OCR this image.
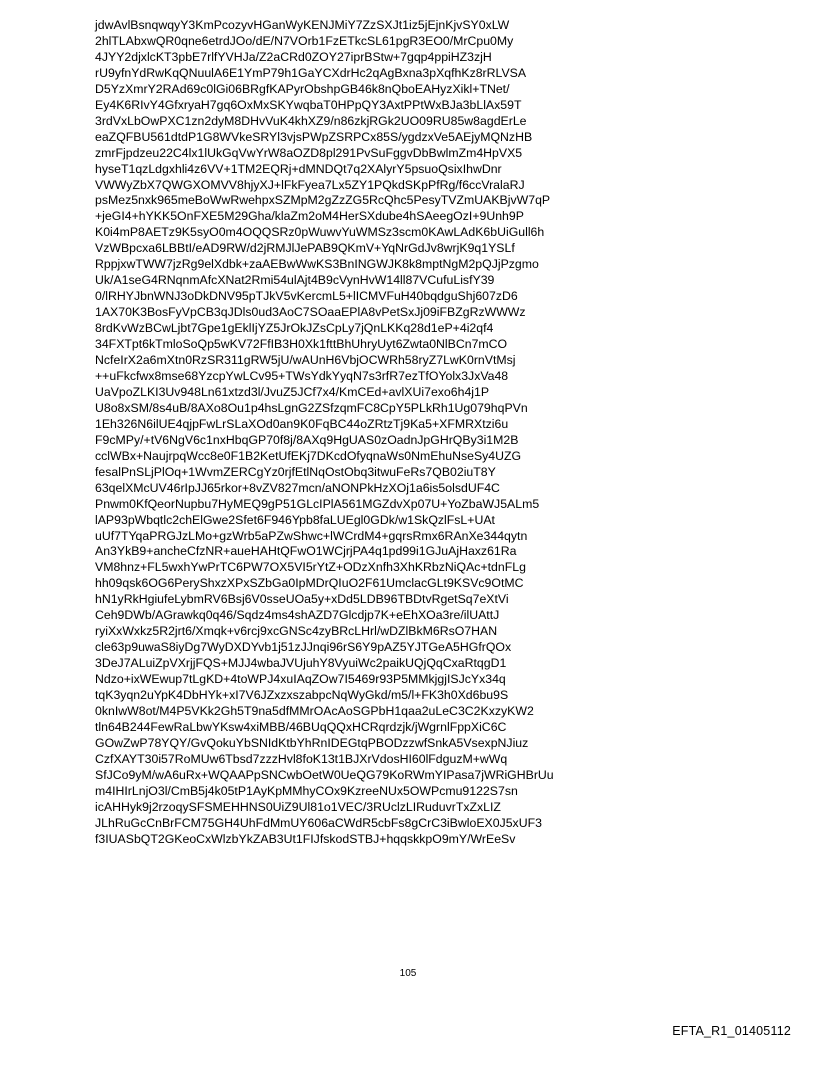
jdwAvlBsnqwqyY3KmPcozyvHGanWyKENJMiY7ZzSXJt1iz5jEjnKjvSY0xLW
2hlTLAbxwQR0qne6etrdJOo/dE/N7VOrb1FzETkcSL61pgR3EO0/MrCpu0My
4JYY2djxlcKT3pbE7rlfYVHJa/Z2aCRd0ZOY27iprBStw+7gqp4ppiHZ3zjH
rU9yfnYdRwKqQNuulA6E1YmP79h1GaYCXdrHc2qAgBxna3pXqfhKz8rRLVSA
D5YzXmrY2RAd69c0lGi06BRgfKAPyrObshpGB46k8nQboEAHyzXikl+TNet/
Ey4K6RIvY4GfxryaH7gq6OxMxSKYwqbaT0HPpQY3AxtPPtWxBJa3bLlAx59T
3rdVxLbOwPXC1zn2dyM8DHvVuK4khXZ9/n86zkjRGk2UO09RU85w8agdErLe
eaZQFBU561dtdP1G8WVkeSRYl3vjsPWpZSRPCx85S/ygdzxVe5AEjyMQNzHB
zmrFjpdzeu22C4lx1lUkGqVwYrW8aOZD8pl291PvSuFggvDbBwlmZm4HpVX5
hyseT1qzLdgxhli4z6VV+1TM2EQRj+dMNDQt7q2XAlyrY5psuoQsixIhwDnr
VWWyZbX7QWGXOMVV8hjyXJ+lFkFyea7Lx5ZY1PQkdSKpPfRg/f6ccVralaRJ
psMez5nxk965meBoWwRwehpxSZMpM2gZzZG5RcQhc5PesyTVZmUAKBjvW7qP
+jeGI4+hYKK5OnFXE5M29Gha/klaZm2oM4HerSXdube4hSAeegOzI+9Unh9P
K0i4mP8AETz9K5syO0m4OQQSRz0pWuwvYuWMSz3scm0KAwLAdK6bUiGull6h
VzWBpcxa6LBBtI/eAD9RW/d2jRMJlJePAB9QKmV+YqNrGdJv8wrjK9q1YSLf
RppjxwTWW7jzRg9elXdbk+zaAEBwWwKS3BnINGWJK8k8mptNgM2pQJjPzgmo
Uk/A1seG4RNqnmAfcXNat2Rmi54ulAjt4B9cVynHvW14ll87VCufuLisfY39
0/lRHYJbnWNJ3oDkDNV95pTJkV5vKercmL5+lICMVFuH40bqdguShj607zD6
1AX70K3BosFyVpCB3qJDls0ud3AoC7SOaaEPlA8vPetSxJj09iFBZgRzWWWz
8rdKvWzBCwLjbt7Gpe1gEklIjYZ5JrOkJZsCpLy7jQnLKKq28d1eP+4i2qf4
34FXTpt6kTmloSoQp5wKV72FfIB3H0Xk1fttBhUhryUyt6Zwta0NlBCn7mCO
NcfeIrX2a6mXtn0RzSR311gRW5jU/wAUnH6VbjOCWRh58ryZ7LwK0rnVtMsj
++uFkcfwx8mse68YzcpYwLCv95+TWsYdkYyqN7s3rfR7ezTfOYolx3JxVa48
UaVpoZLKI3Uv948Ln61xtzd3l/JvuZ5JCf7x4/KmCEd+avlXUi7exo6h4j1P
U8o8xSM/8s4uB/8AXo8Ou1p4hsLgnG2ZSfzqmFC8CpY5PLkRh1Ug079hqPVn
1Eh326N6ilUE4qjpFwLrSLaXOd0an9K0FqBC44oZRtzTj9Ka5+XFMRXtzi6u
F9cMPy/+tV6NgV6c1nxHbqGP70f8j/8AXq9HgUAS0zOadnJpGHrQBy3i1M2B
cclWBx+NaujrpqWcc8e0F1B2KetUfEKj7DKcdOfyqnaWs0NmEhuNseSy4UZG
fesalPnSLjPlOq+1WvmZERCgYz0rjfEtlNqOstObq3itwuFeRs7QB02iuT8Y
63qelXMcUV46rIpJJ65rkor+8vZV827mcn/aNONPkHzXOj1a6is5olsdUF4C
Pnwm0KfQeorNupbu7HyMEQ9gP51GLcIPlA561MGZdvXp07U+YoZbaWJ5ALm5
lAP93pWbqtlc2chElGwe2Sfet6F946Ypb8faLUEgl0GDk/w1SkQzlFsL+UAt
uUf7TYqaPRGJzLMo+gzWrb5aPZwShwc+lWCrdM4+gqrsRmx6RAnXe344qytn
An3YkB9+ancheCfzNR+aueHAHtQFwO1WCjrjPA4q1pd99i1GJuAjHaxz61Ra
VM8hnz+FL5wxhYwPrTC6PW7OX5VI5rYtZ+ODzXnfh3XhKRbzNiQAc+tdnFLg
hh09qsk6OG6PeryShxzXPxSZbGa0IpMDrQIuO2F61UmclacGLt9KSVc9OtMC
hN1yRkHgiufeLybmRV6Bsj6V0sseUOa5y+xDd5LDB96TBDtvRgetSq7eXtVi
Ceh9DWb/AGrawkq0q46/Sqdz4ms4shAZD7Glcdjp7K+eEhXOa3re/ilUAttJ
ryiXxWxkz5R2jrt6/Xmqk+v6rcj9xcGNSc4zyBRcLHrl/wDZlBkM6RsO7HAN
cle63p9uwaS8iyDg7WyDXDYvb1j51zJJnqi96rS6Y9pAZ5YJTGeA5HGfrQOx
3DeJ7ALuiZpVXrjjFQS+MJJ4wbaJVUjuhY8VyuiWc2paikUQjQqCxaRtqgD1
Ndzo+ixWEwup7tLgKD+4toWPJ4xuIAqZOw7I5469r93P5MMkjgjISJcYx34q
tqK3yqn2uYpK4DbHYk+xI7V6JZxzxszabpcNqWyGkd/m5/l+FK3h0Xd6bu9S
0knIwW8ot/M4P5VKk2Gh5T9na5dfMMrOAcAoSGPbH1qaa2uLeC3C2KxzyKW2
tln64B244FewRaLbwYKsw4xiMBB/46BUqQQxHCRqrdzjk/jWgrnlFppXiC6C
GOwZwP78YQY/GvQokuYbSNIdKtbYhRnIDEGtqPBODzzwfSnkA5VsexpNJiuz
CzfXAYT30i57RoMUw6Tbsd7zzzHvl8foK13t1BJXrVdosHI60lFdguzM+wWq
SfJCo9yM/wA6uRx+WQAAPpSNCwbOetW0UeQG79KoRWmYIPasa7jWRiGHBrUu
m4IHIrLnjO3l/CmB5j4k05tP1AyKpMMhyCOx9KzreeNUx5OWPcmu9122S7sn
icAHHyk9j2rzoqySFSMEHHNS0UiZ9Ul81o1VEC/3RUclzLIRuduvrTxZxLIZ
JLhRuGcCnBrFCM75GH4UhFdMmUY606aCWdR5cbFs8gCrC3iBwloEX0J5xUF3
f3IUASbQT2GKeoCxWlzbYkZAB3Ut1FIJfskodSTBJ+hqqskkpO9mY/WrEeSv
105
EFTA_R1_01405112
